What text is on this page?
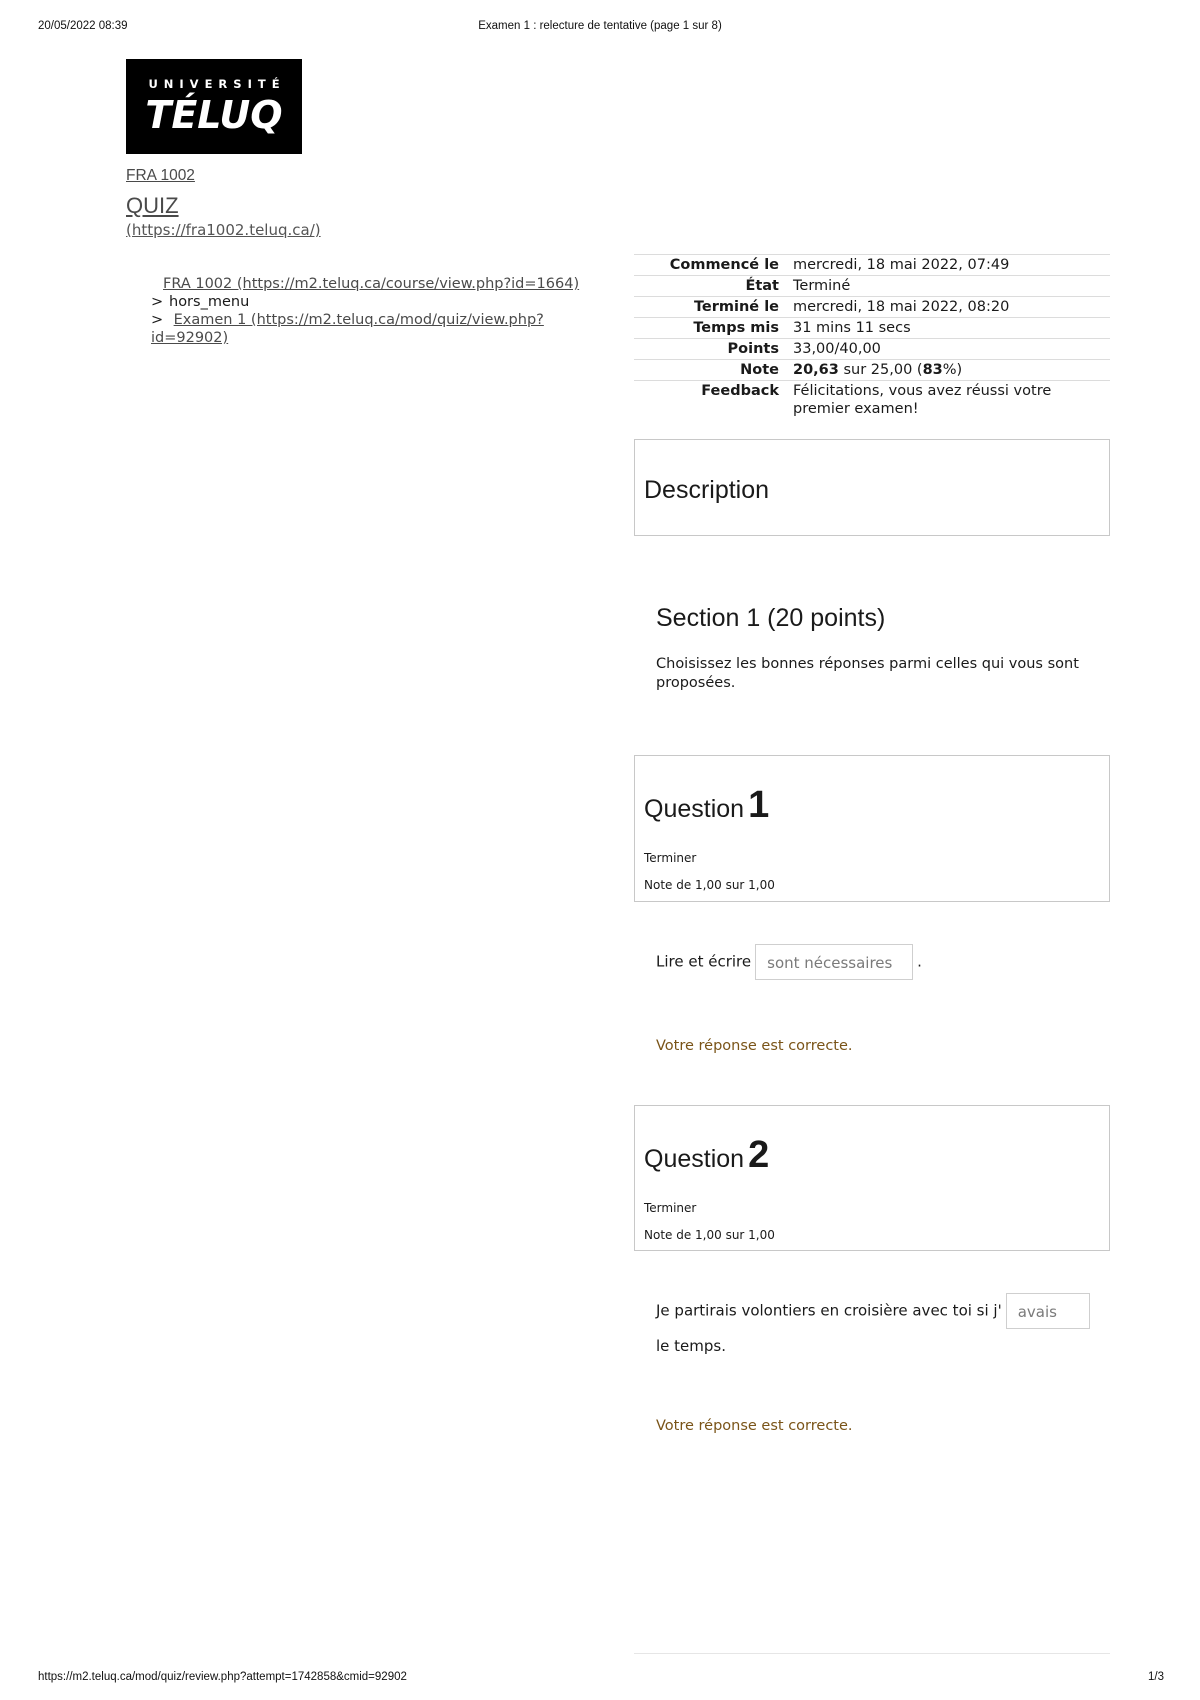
20/05/2022 08:39	Examen 1 : relecture de tentative (page 1 sur 8)
UNIVERSITÉ
TÉLUQ
FRA 1002
QUIZ
(https://fra1002.teluq.ca/)
FRA 1002 (https://m2.teluq.ca/course/view.php?id=1664)
> hors_menu
> Examen 1 (https://m2.teluq.ca/mod/quiz/view.php?id=92902)
Commencé le	mercredi, 18 mai 2022, 07:49
État	Terminé
Terminé le	mercredi, 18 mai 2022, 08:20
Temps mis	31 mins 11 secs
Points	33,00/40,00
Note	20,63 sur 25,00 (83%)
Feedback	Félicitations, vous avez réussi votre premier examen!
Description
Section 1 (20 points)
Choisissez les bonnes réponses parmi celles qui vous sont proposées.
Question 1
Terminer
Note de 1,00 sur 1,00
Lire et écrire sont nécessaires .
Votre réponse est correcte.
Question 2
Terminer
Note de 1,00 sur 1,00
Je partirais volontiers en croisière avec toi si j' avais le temps.
Votre réponse est correcte.
https://m2.teluq.ca/mod/quiz/review.php?attempt=1742858&cmid=92902	1/3
